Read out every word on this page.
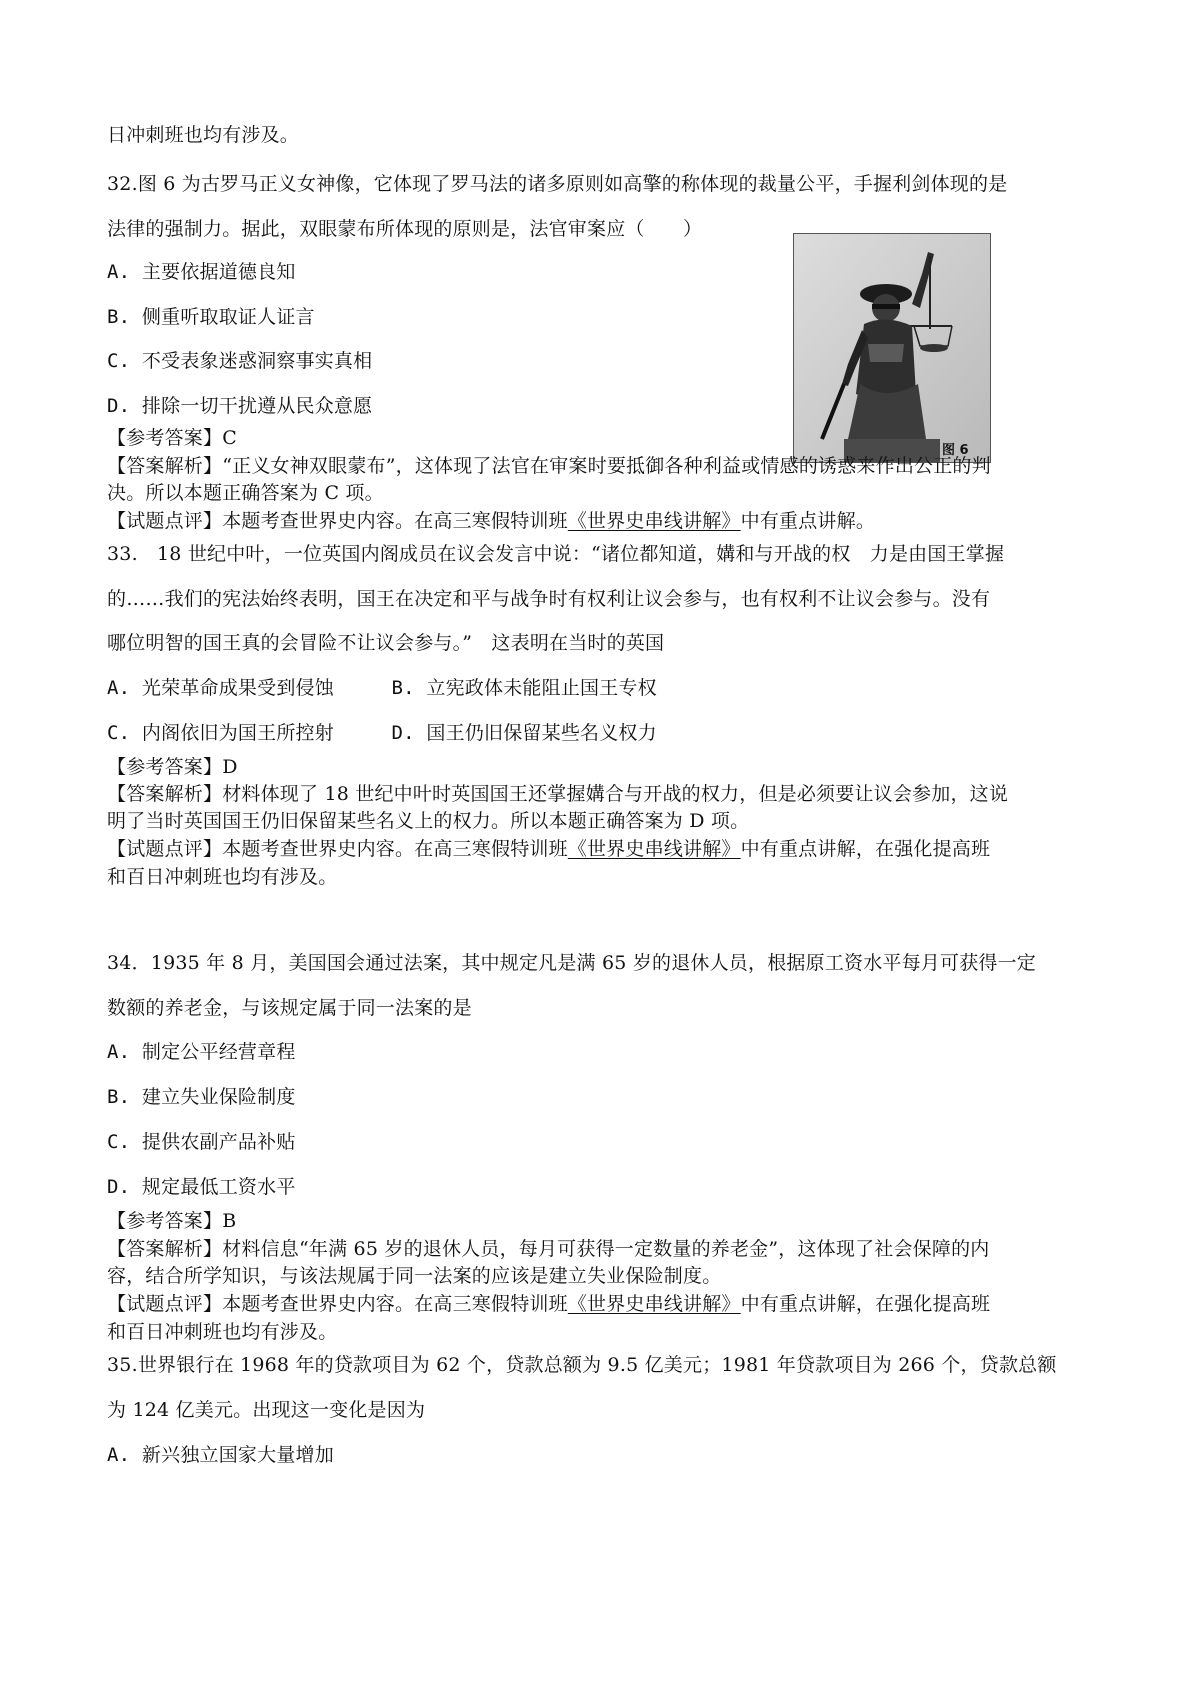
日冲刺班也均有涉及。
32.图 6 为古罗马正义女神像，它体现了罗马法的诸多原则如高擎的称体现的裁量公平，手握利剑体现的是
法律的强制力。据此，双眼蒙布所体现的原则是，法官审案应（　　）
图 6
A. 主要依据道德良知
B. 侧重听取取证人证言
C. 不受表象迷惑洞察事实真相
D. 排除一切干扰遵从民众意愿
【参考答案】C
【答案解析】“正义女神双眼蒙布”，这体现了法官在审案时要抵御各种利益或情感的诱惑来作出公正的判
决。所以本题正确答案为 C 项。
【试题点评】本题考查世界史内容。在高三寒假特训班《世界史串线讲解》中有重点讲解。
33.　18 世纪中叶，一位英国内阁成员在议会发言中说：“诸位都知道，媾和与开战的权　力是由国王掌握
的……我们的宪法始终表明，国王在决定和平与战争时有权利让议会参与，也有权利不让议会参与。没有
哪位明智的国王真的会冒险不让议会参与。”　这表明在当时的英国
A. 光荣革命成果受到侵蚀　　　B. 立宪政体未能阻止国王专权
C. 内阁依旧为国王所控射　　　D. 国王仍旧保留某些名义权力
【参考答案】D
【答案解析】材料体现了 18 世纪中叶时英国国王还掌握媾合与开战的权力，但是必须要让议会参加，这说
明了当时英国国王仍旧保留某些名义上的权力。所以本题正确答案为 D 项。
【试题点评】本题考查世界史内容。在高三寒假特训班《世界史串线讲解》中有重点讲解，在强化提高班
和百日冲刺班也均有涉及。
34．1935 年 8 月，美国国会通过法案，其中规定凡是满 65 岁的退休人员，根据原工资水平每月可获得一定
数额的养老金，与该规定属于同一法案的是
A. 制定公平经营章程
B. 建立失业保险制度
C. 提供农副产品补贴
D. 规定最低工资水平
【参考答案】B
【答案解析】材料信息“年满 65 岁的退休人员，每月可获得一定数量的养老金”，这体现了社会保障的内
容，结合所学知识，与该法规属于同一法案的应该是建立失业保险制度。
【试题点评】本题考查世界史内容。在高三寒假特训班《世界史串线讲解》中有重点讲解，在强化提高班
和百日冲刺班也均有涉及。
35.世界银行在 1968 年的贷款项目为 62 个，贷款总额为 9.5 亿美元；1981 年贷款项目为 266 个，贷款总额
为 124 亿美元。出现这一变化是因为
A. 新兴独立国家大量增加
